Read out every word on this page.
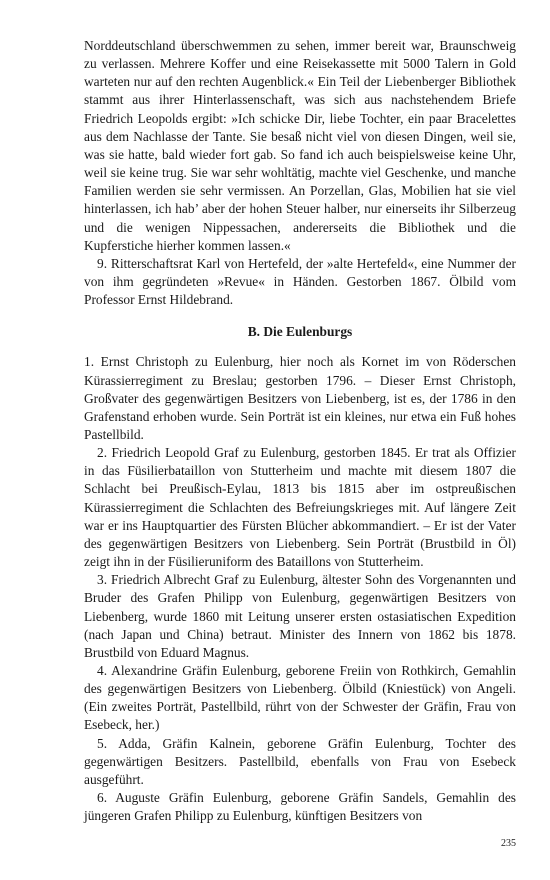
Norddeutschland überschwemmen zu sehen, immer bereit war, Braunschweig zu verlassen. Mehrere Koffer und eine Reisekassette mit 5000 Talern in Gold warteten nur auf den rechten Augenblick.« Ein Teil der Liebenberger Bibliothek stammt aus ihrer Hinterlassenschaft, was sich aus nachstehendem Briefe Friedrich Leopolds ergibt: »Ich schicke Dir, liebe Tochter, ein paar Bracelettes aus dem Nachlasse der Tante. Sie besaß nicht viel von diesen Dingen, weil sie, was sie hatte, bald wieder fort gab. So fand ich auch beispielsweise keine Uhr, weil sie keine trug. Sie war sehr wohltätig, machte viel Geschenke, und manche Familien werden sie sehr vermissen. An Porzellan, Glas, Mobilien hat sie viel hinterlassen, ich hab’ aber der hohen Steuer halber, nur einerseits ihr Silberzeug und die wenigen Nippessachen, andererseits die Bibliothek und die Kupferstiche hierher kommen lassen.«

9. Ritterschaftsrat Karl von Hertefeld, der »alte Hertefeld«, eine Nummer der von ihm gegründeten »Revue« in Händen. Gestorben 1867. Ölbild vom Professor Ernst Hildebrand.

B. Die Eulenburgs

1. Ernst Christoph zu Eulenburg, hier noch als Kornet im von Röderschen Kürassierregiment zu Breslau; gestorben 1796. – Dieser Ernst Christoph, Großvater des gegenwärtigen Besitzers von Liebenberg, ist es, der 1786 in den Grafenstand erhoben wurde. Sein Porträt ist ein kleines, nur etwa ein Fuß hohes Pastellbild.

2. Friedrich Leopold Graf zu Eulenburg, gestorben 1845. Er trat als Offizier in das Füsilierbataillon von Stutterheim und machte mit diesem 1807 die Schlacht bei Preußisch-Eylau, 1813 bis 1815 aber im ostpreußischen Kürassierregiment die Schlachten des Befreiungskrieges mit. Auf längere Zeit war er ins Hauptquartier des Fürsten Blücher abkommandiert. – Er ist der Vater des gegenwärtigen Besitzers von Liebenberg. Sein Porträt (Brustbild in Öl) zeigt ihn in der Füsilieruniform des Bataillons von Stutterheim.

3. Friedrich Albrecht Graf zu Eulenburg, ältester Sohn des Vorgenannten und Bruder des Grafen Philipp von Eulenburg, gegenwärtigen Besitzers von Liebenberg, wurde 1860 mit Leitung unserer ersten ostasiatischen Expedition (nach Japan und China) betraut. Minister des Innern von 1862 bis 1878. Brustbild von Eduard Magnus.

4. Alexandrine Gräfin Eulenburg, geborene Freiin von Rothkirch, Gemahlin des gegenwärtigen Besitzers von Liebenberg. Ölbild (Kniestück) von Angeli. (Ein zweites Porträt, Pastellbild, rührt von der Schwester der Gräfin, Frau von Esebeck, her.)

5. Adda, Gräfin Kalnein, geborene Gräfin Eulenburg, Tochter des gegenwärtigen Besitzers. Pastellbild, ebenfalls von Frau von Esebeck ausgeführt.

6. Auguste Gräfin Eulenburg, geborene Gräfin Sandels, Gemahlin des jüngeren Grafen Philipp zu Eulenburg, künftigen Besitzers von

235
